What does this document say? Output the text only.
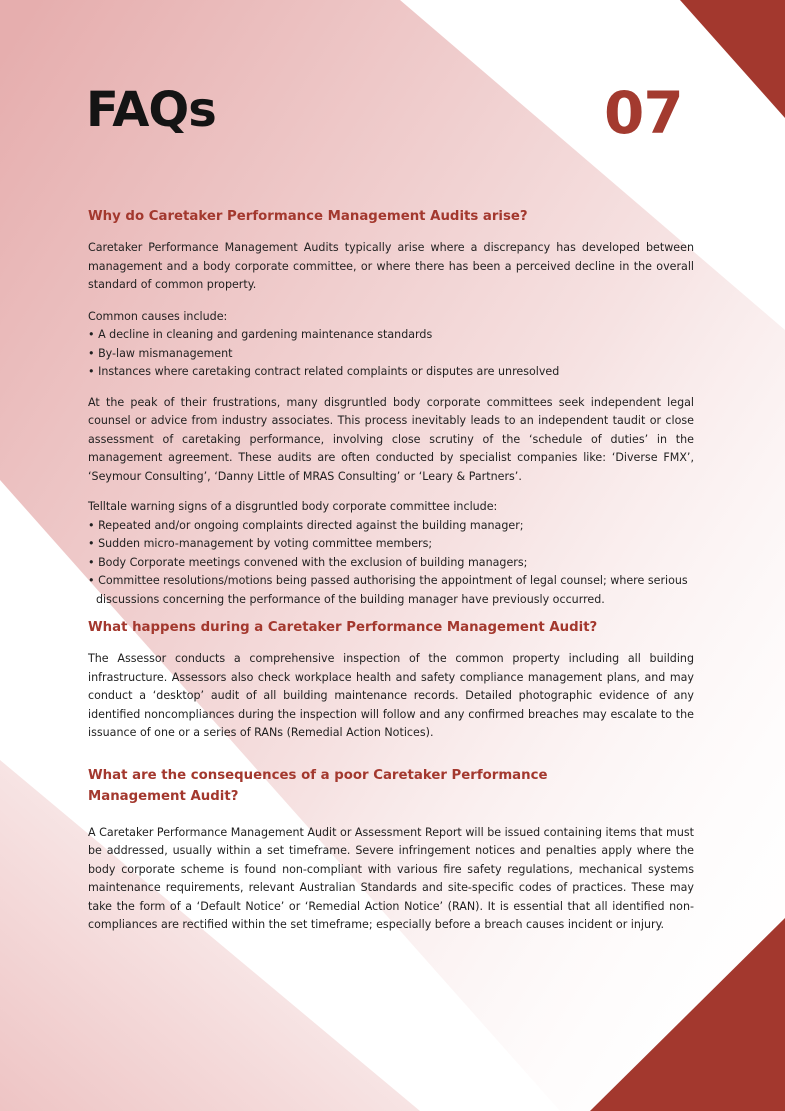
FAQs	07
Why do Caretaker Performance Management Audits arise?

Caretaker Performance Management Audits typically arise where a discrepancy has developed between management and a body corporate committee, or where there has been a perceived decline in the overall standard of common property.

Common causes include:

• A decline in cleaning and gardening maintenance standards
• By-law mismanagement
• Instances where caretaking contract related complaints or disputes are unresolved

At the peak of their frustrations, many disgruntled body corporate committees seek independent legal counsel or advice from industry associates. This process inevitably leads to an independent taudit or close assessment of caretaking performance, involving close scrutiny of the ‘schedule of duties’ in the management agreement. These audits are often conducted by specialist companies like: ‘Diverse FMX’, ‘Seymour Consulting’, ‘Danny Little of MRAS Consulting’ or ‘Leary & Partners’.

Telltale warning signs of a disgruntled body corporate committee include:

• Repeated and/or ongoing complaints directed against the building manager;
• Sudden micro-management by voting committee members;
• Body Corporate meetings convened with the exclusion of building managers;
• Committee resolutions/motions being passed authorising the appointment of legal counsel; where serious discussions concerning the performance of the building manager have previously occurred.
What happens during a Caretaker Performance Management Audit?

The Assessor conducts a comprehensive inspection of the common property including all building infrastructure. Assessors also check workplace health and safety compliance management plans, and may conduct a ‘desktop’ audit of all building maintenance records. Detailed photographic evidence of any identified noncompliances during the inspection will follow and any confirmed breaches may escalate to the issuance of one or a series of RANs (Remedial Action Notices).

What are the consequences of a poor Caretaker Performance
Management Audit?

A Caretaker Performance Management Audit or Assessment Report will be issued containing items that must be addressed, usually within a set timeframe. Severe infringement notices and penalties apply where the body corporate scheme is found non-compliant with various fire safety regulations, mechanical systems maintenance requirements, relevant Australian Standards and site-specific codes of practices. These may take the form of a ‘Default Notice’ or ‘Remedial Action Notice’ (RAN). It is essential that all identified non-compliances are rectified within the set timeframe; especially before a breach causes incident or injury.
